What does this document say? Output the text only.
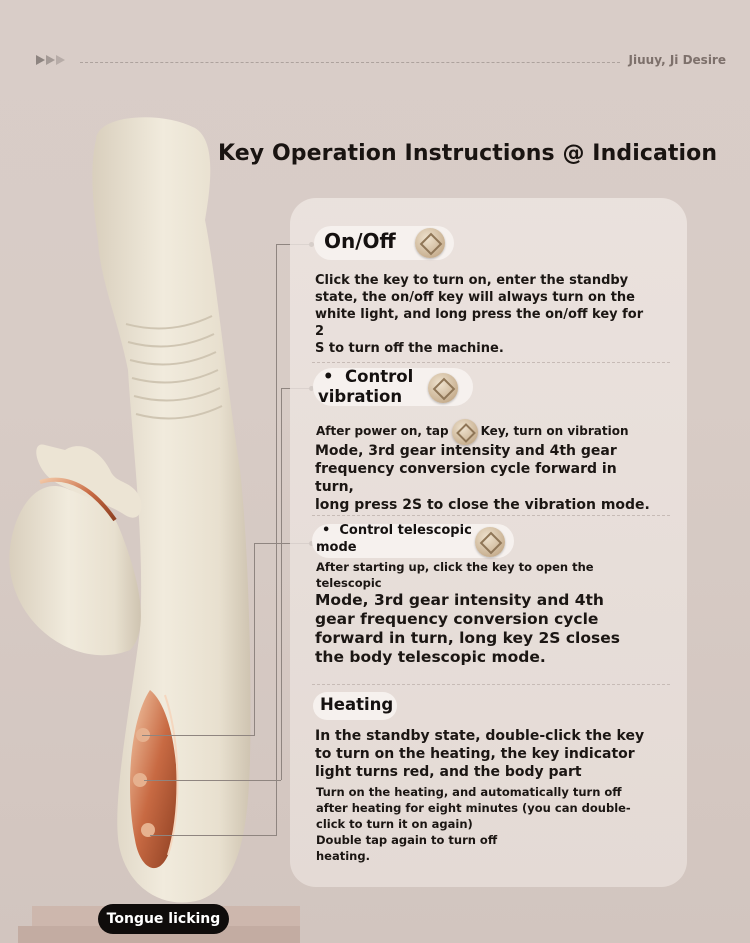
Jiuuy, Ji Desire
Key Operation Instructions @ Indication
On/Off
Click the key to turn on, enter the standby
state, the on/off key will always turn on the
white light, and long press the on/off key for 2
S to turn off the machine.
•  Control
vibration
After power on, tap	Key, turn on vibration
Mode, 3rd gear intensity and 4th gear
frequency conversion cycle forward in turn,
long press 2S to close the vibration mode.
•  Control telescopic
mode
After starting up, click the key to open the
telescopic
Mode, 3rd gear intensity and 4th
gear frequency conversion cycle
forward in turn, long key 2S closes
the body telescopic mode.
Heating
In the standby state, double-click the key
to turn on the heating, the key indicator
light turns red, and the body part
Turn on the heating, and automatically turn off
after heating for eight minutes (you can double-
click to turn it on again)
Double tap again to turn off
heating.
Tongue licking
